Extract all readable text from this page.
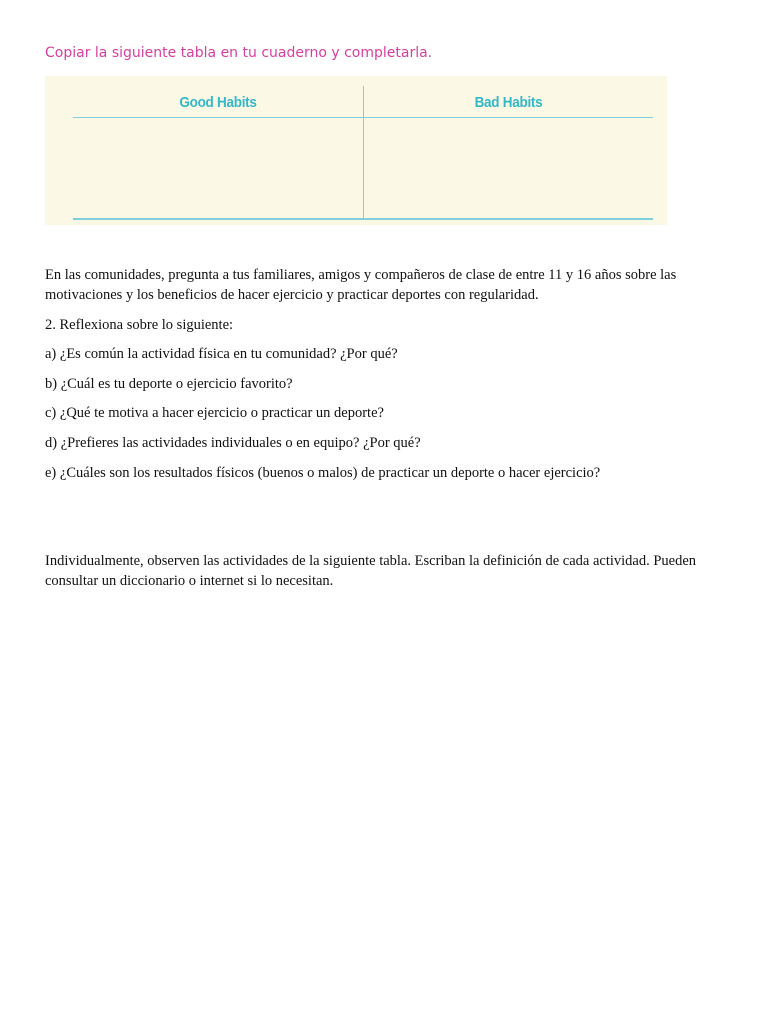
Copiar la siguiente tabla en tu cuaderno y completarla.

Good Habits	Bad Habits

En las comunidades, pregunta a tus familiares, amigos y compañeros de clase de entre 11 y 16 años sobre las motivaciones y los beneficios de hacer ejercicio y practicar deportes con regularidad.

2. Reflexiona sobre lo siguiente:

a) ¿Es común la actividad física en tu comunidad? ¿Por qué?

b) ¿Cuál es tu deporte o ejercicio favorito?

c) ¿Qué te motiva a hacer ejercicio o practicar un deporte?

d) ¿Prefieres las actividades individuales o en equipo? ¿Por qué?

e) ¿Cuáles son los resultados físicos (buenos o malos) de practicar un deporte o hacer ejercicio?

Individualmente, observen las actividades de la siguiente tabla. Escriban la definición de cada actividad. Pueden consultar un diccionario o internet si lo necesitan.
